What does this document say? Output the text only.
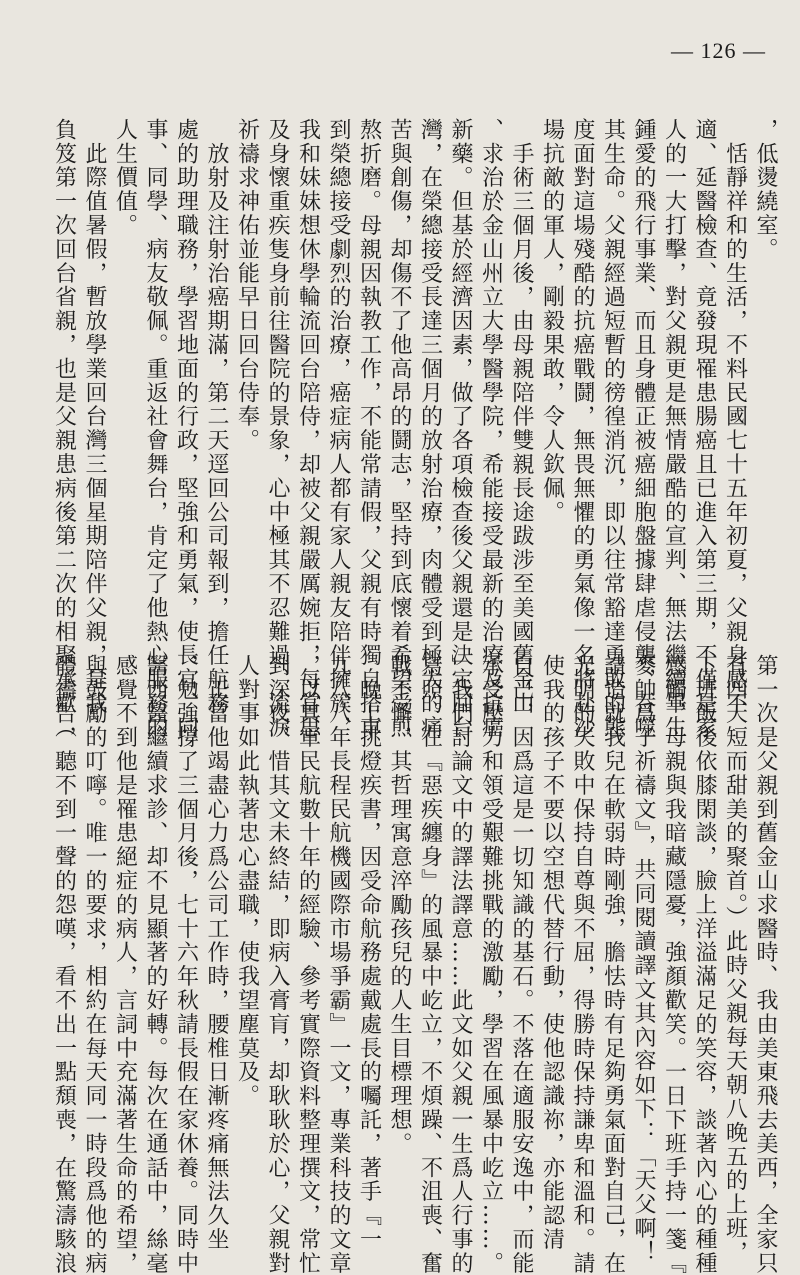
— 126 —
，低燙繞室。
　恬靜祥和的生活，不料民國七十五年初夏，父親身感不
適、延醫檢查、竟發現罹患腸癌且已進入第三期，不僅是家
人的一大打擊，對父親更是無情嚴酷的宣判、無法繼續畢生
鍾愛的飛行事業、而且身體正被癌細胞盤據肆虐侵襲，吞噬
其生命。父親經過短暫的徬徨消沉，即以往常豁達勇敢的態
度面對這場殘酷的抗癌戰鬪，無畏無懼的勇氣像一名將赴沙
場抗敵的軍人，剛毅果敢，令人欽佩。
　手術三個月後，由母親陪伴雙親長途跋涉至美國舊金山
、求治於金山州立大學醫學院，希能接受最新的治療及抗癌
新藥。但基於經濟因素，做了各項檢查後父親還是決定回台
灣，在榮總接受長達三個月的放射治療，肉體受到極大的痛
苦與創傷，却傷不了他高昂的鬪志，堅持到底懷着希望受煎
熬折磨。母親因執教工作，不能常請假，父親有時獨自搭車
到榮總接受劇烈的治療，癌症病人都有家人親友陪伴擁簇，
我和妹妹想休學輪流回台陪侍，却被父親嚴厲婉拒，每當思
及身懷重疾隻身前往醫院的景象，心中極其不忍難過、流淚
祈禱求神佑並能早日回台侍奉。
　放射及注射治癌期滿，第二天逕回公司報到，擔任航務
處的助理職務，學習地面的行政，堅強和勇氣，使長官、同
事、同學、病友敬佩。重返社會舞台，肯定了他熱心服務的
人生價值。
　此際值暑假，暫放學業回台灣三個星期陪伴父親，是我
負笈第一次回台省親，也是父親患病後第二次的相聚承歡（
第一次是父親到舊金山求醫時、我由美東飛去美西，全家只
有四天短而甜美的聚首。）此時父親每天朝八晚五的上班，
下班飯後依膝閑談，臉上洋溢滿足的笑容，談著內心的種種
感觸，母親與我暗藏隱憂，強顏歡笑。一日下班手持一箋『
麥帥爲子祈禱文』，共同閱讀譯文其內容如下：「天父啊！
請造就我兒在軟弱時剛強，膽怯時有足夠勇氣面對自己，在
光明的失敗中保持自尊與不屈，得勝時保持謙卑和溫和。請
使我的孩子不要以空想代替行動，使他認識祢，亦能認清
自己，因爲這是一切知識的基石。不落在適服安逸中，而能
承受壓力和領受艱難挑戰的激勵，學習在風暴中屹立……。
」我們討論文中的譯法譯意……此文如父親一生爲人行事的
寫照。在『惡疾纏身』的風暴中屹立，不煩躁、不沮喪、奮
戰不懈，其哲理寓意淬勵孩兒的人生目標理想。
　晚上挑燈疾書，因受命航務處戴處長的囑託，著手『一
九八八年長程民航機國際市場爭霸』一文，專業科技的文章
，以其軍民航數十年的經驗、參考實際資料整理撰文，常忙
到深夜，惜其文未終結，即病入膏肓，却耿耿於心，父親對
人對事如此執著忠心盡職，使我望塵莫及。
　正當他竭盡心力爲公司工作時，腰椎日漸疼痛無法久坐
，勉強撐了三個月後，七十六年秋請長假在家休養。同時中
醫西醫繼續求診、却不見顯著的好轉。每次在通話中，絲毫
感覺不到他是罹患絕症的病人，言詞中充滿著生命的希望，
與鼓勵的叮嚀。唯一的要求，相約在每天同一時段爲他的病
體禱告，聽不到一聲的怨嘆，看不出一點頹喪，在驚濤駭浪
